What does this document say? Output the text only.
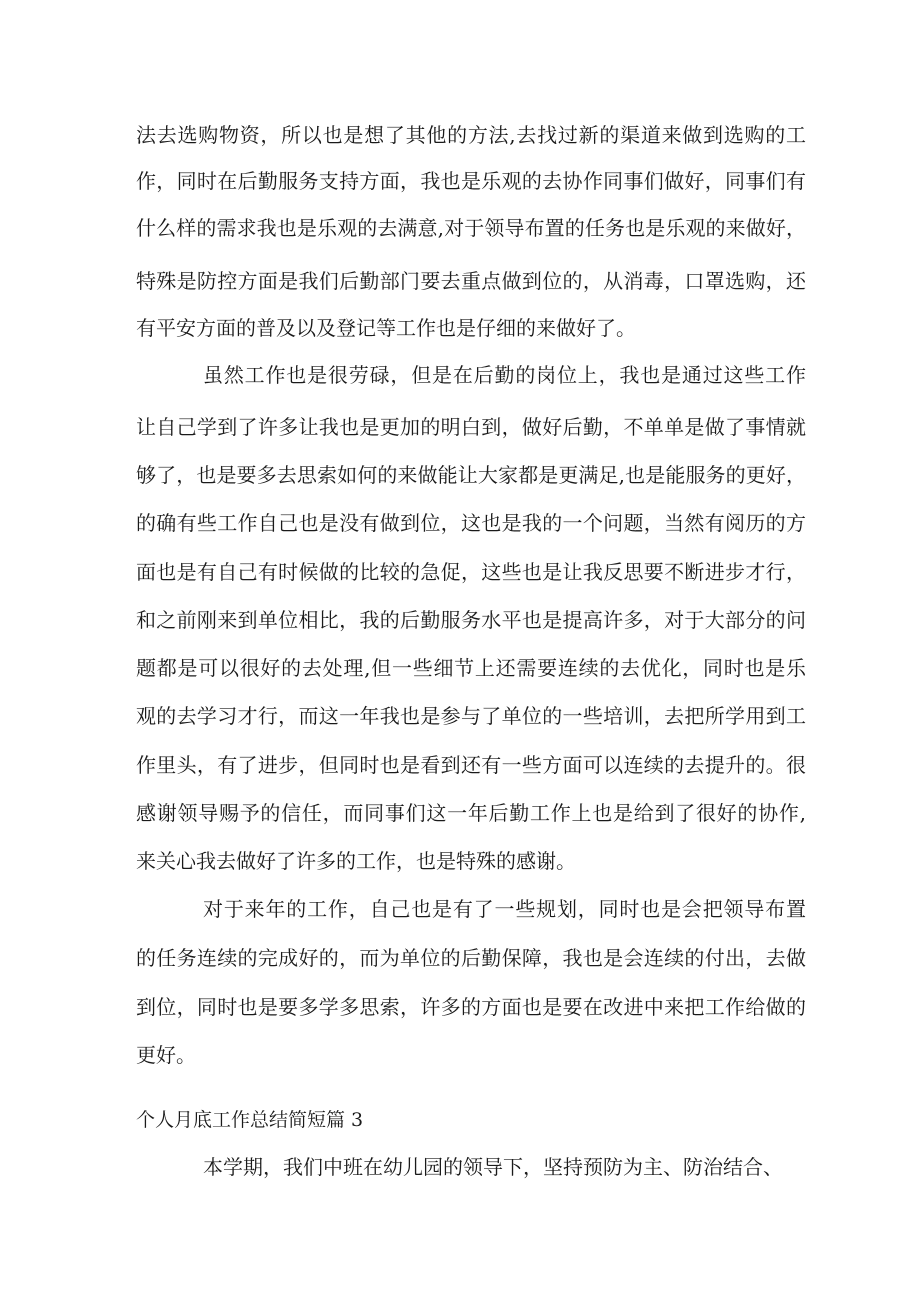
法去选购物资，所以也是想了其他的方法,去找过新的渠道来做到选购的工
作，同时在后勤服务支持方面，我也是乐观的去协作同事们做好，同事们有
什么样的需求我也是乐观的去满意,对于领导布置的任务也是乐观的来做好，
特殊是防控方面是我们后勤部门要去重点做到位的，从消毒，口罩选购，还
有平安方面的普及以及登记等工作也是仔细的来做好了。
虽然工作也是很劳碌，但是在后勤的岗位上，我也是通过这些工作
让自己学到了许多让我也是更加的明白到，做好后勤，不单单是做了事情就
够了，也是要多去思索如何的来做能让大家都是更满足,也是能服务的更好，
的确有些工作自己也是没有做到位，这也是我的一个问题，当然有阅历的方
面也是有自己有时候做的比较的急促，这些也是让我反思要不断进步才行，
和之前刚来到单位相比，我的后勤服务水平也是提高许多，对于大部分的问
题都是可以很好的去处理,但一些细节上还需要连续的去优化，同时也是乐
观的去学习才行，而这一年我也是参与了单位的一些培训，去把所学用到工
作里头，有了进步，但同时也是看到还有一些方面可以连续的去提升的。很
感谢领导赐予的信任，而同事们这一年后勤工作上也是给到了很好的协作,
来关心我去做好了许多的工作，也是特殊的感谢。
对于来年的工作，自己也是有了一些规划，同时也是会把领导布置
的任务连续的完成好的，而为单位的后勤保障，我也是会连续的付出，去做
到位，同时也是要多学多思索，许多的方面也是要在改进中来把工作给做的
更好。
个人月底工作总结简短篇 3
本学期，我们中班在幼儿园的领导下，坚持预防为主、防治结合、
